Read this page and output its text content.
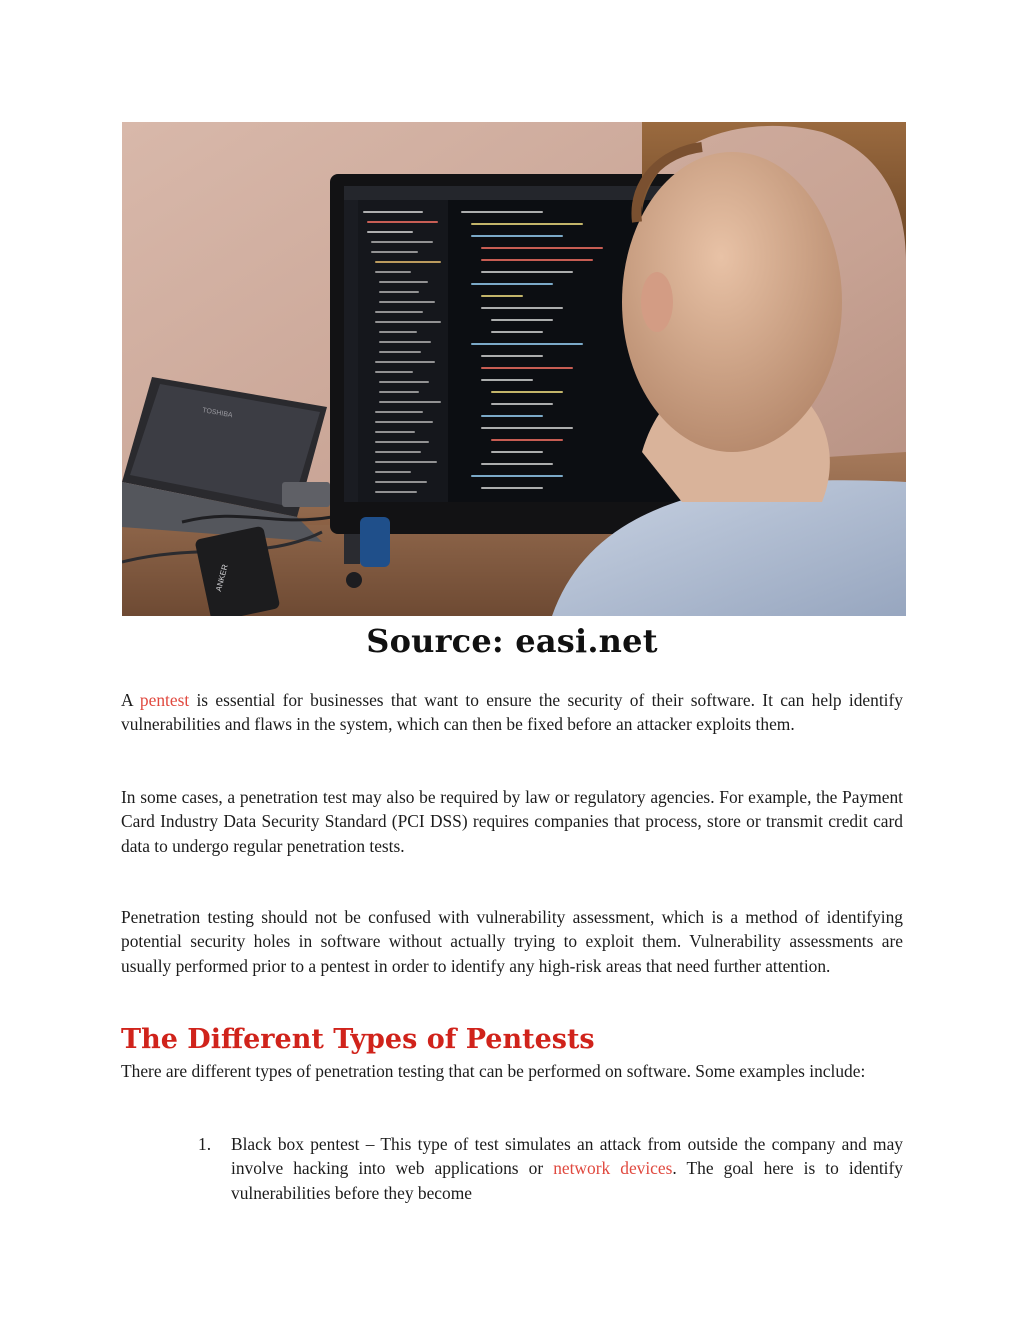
TOSHIBA
ANKER
Source: easi.net

A pentest is essential for businesses that want to ensure the security of their software. It can help identify vulnerabilities and flaws in the system, which can then be fixed before an attacker exploits them.

In some cases, a penetration test may also be required by law or regulatory agencies. For example, the Payment Card Industry Data Security Standard (PCI DSS) requires companies that process, store or transmit credit card data to undergo regular penetration tests.

Penetration testing should not be confused with vulnerability assessment, which is a method of identifying potential security holes in software without actually trying to exploit them. Vulnerability assessments are usually performed prior to a pentest in order to identify any high-risk areas that need further attention.

The Different Types of Pentests

There are different types of penetration testing that can be performed on software. Some examples include:

1. Black box pentest – This type of test simulates an attack from outside the company and may involve hacking into web applications or network devices. The goal here is to identify vulnerabilities before they become
